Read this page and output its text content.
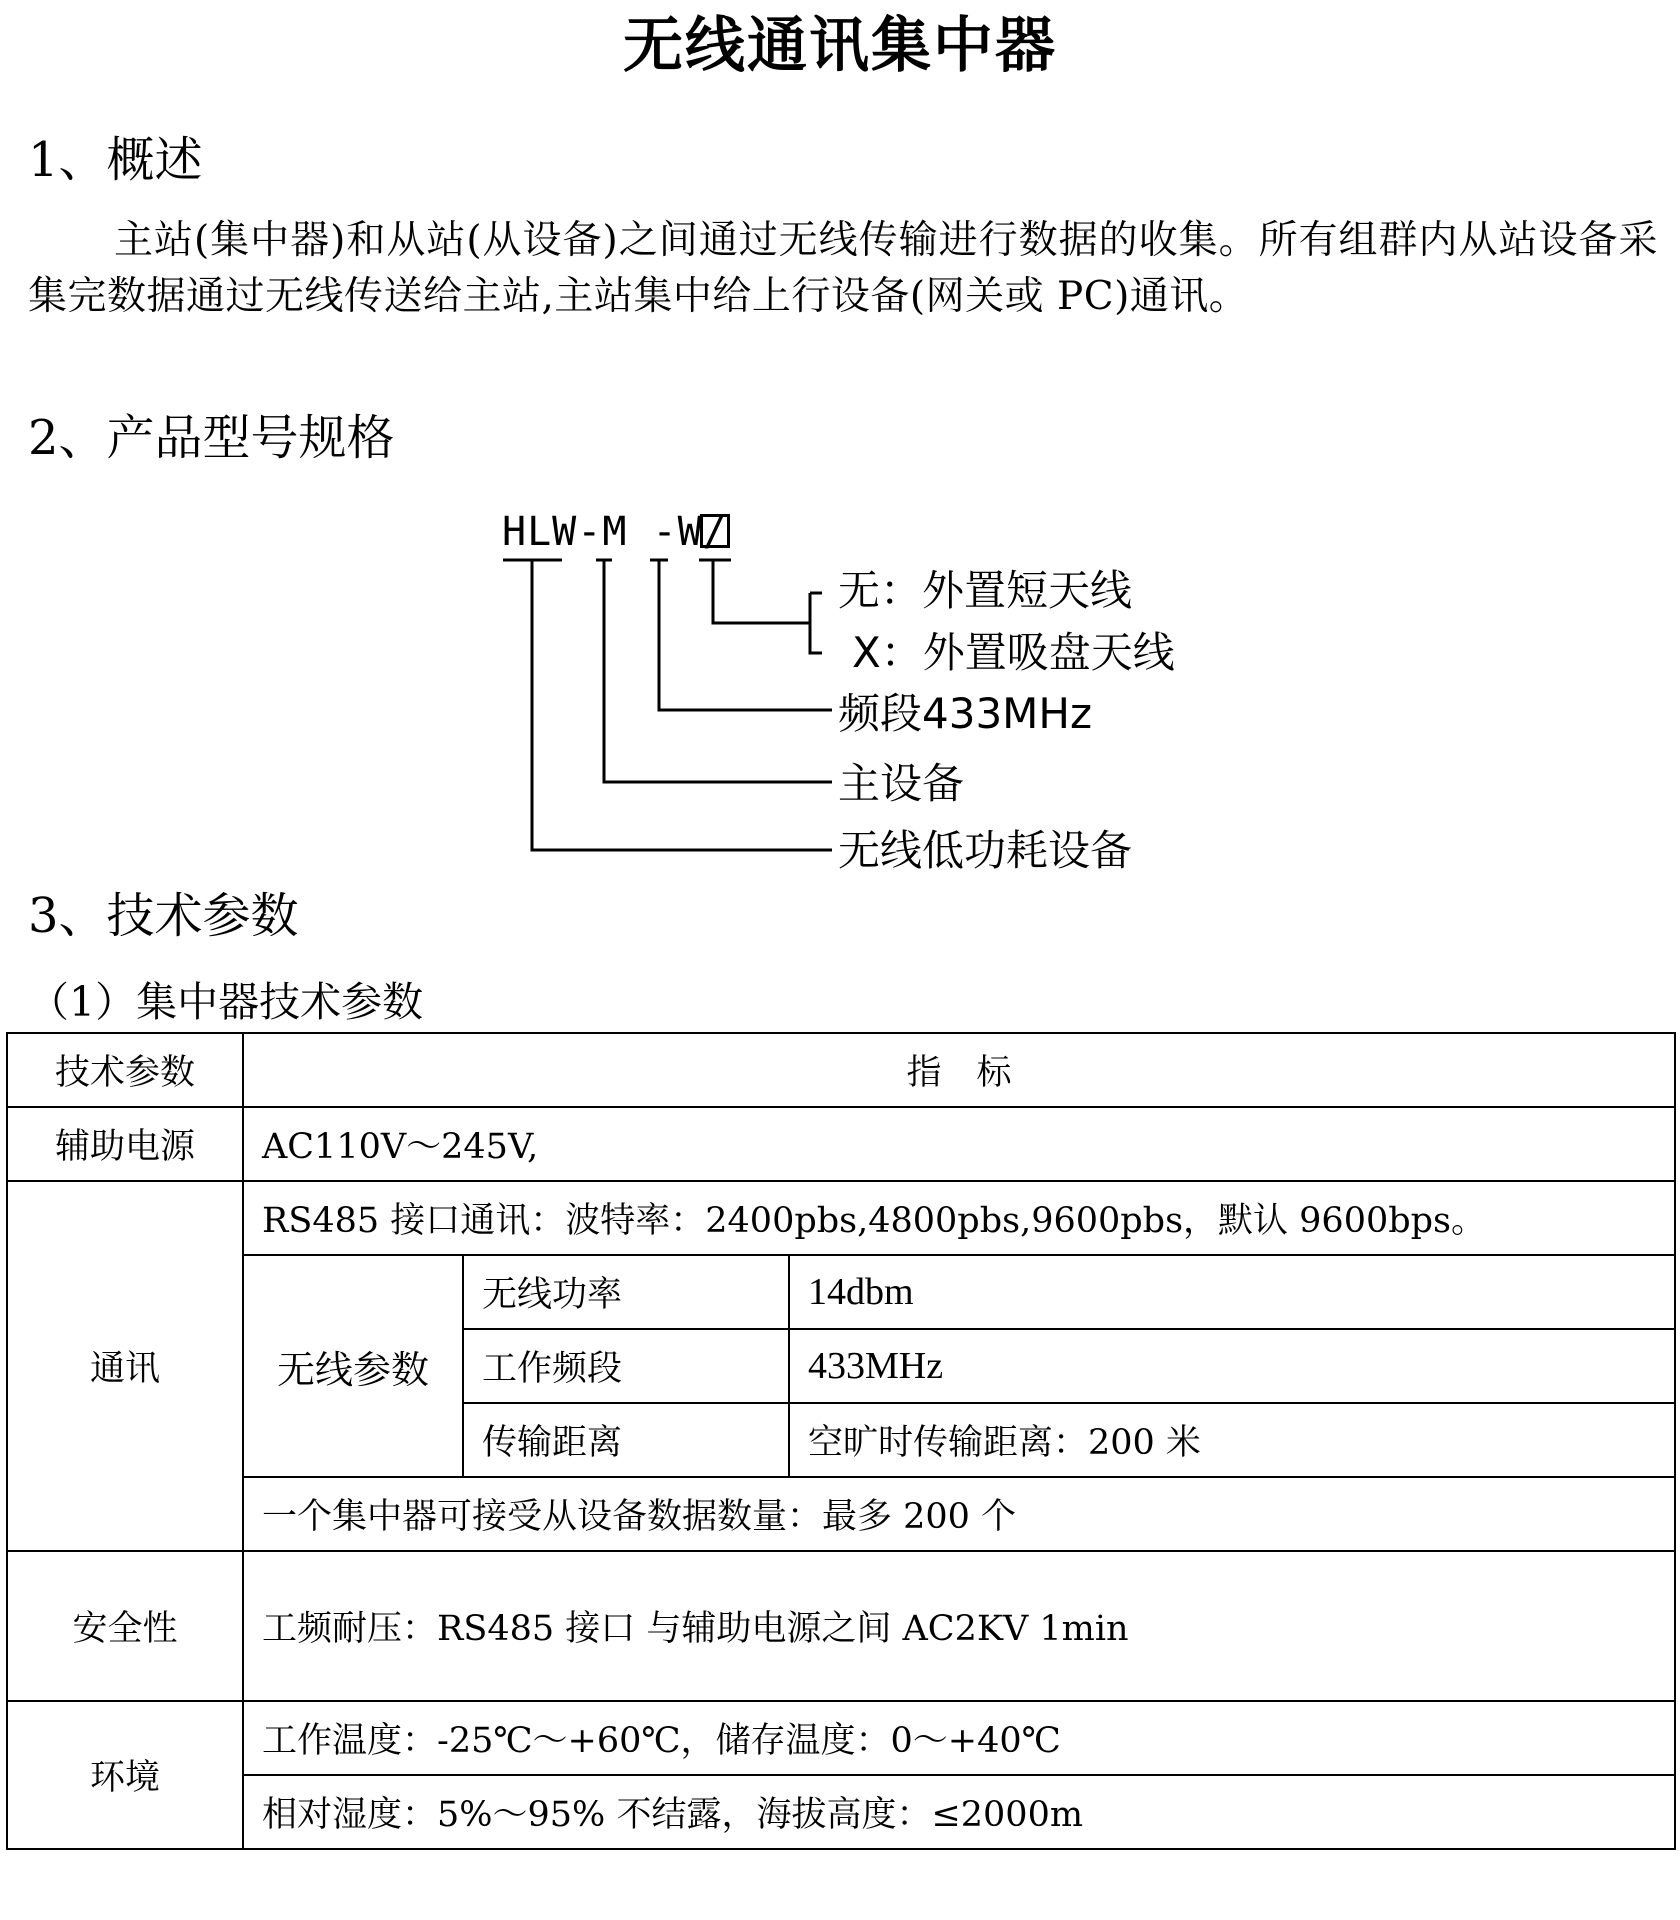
无线通讯集中器
1、概述
主站(集中器)和从站(从设备)之间通过无线传输进行数据的收集。所有组群内从站设备采集完数据通过无线传送给主站,主站集中给上行设备(网关或 PC)通讯。
2、产品型号规格
HLW-M -W/
无：外置短天线
X：外置吸盘天线
频段433MHz
主设备
无线低功耗设备
3、技术参数
（1）集中器技术参数
技术参数	指　标		
辅助电源	AC110V～245V,		
通讯	RS485 接口通讯：波特率：2400pbs,4800pbs,9600pbs，默认 9600bps。		
	无线参数	无线功率	14dbm
		工作频段	433MHz
		传输距离	空旷时传输距离：200 米
	一个集中器可接受从设备数据数量：最多 200 个		
安全性	工频耐压：RS485 接口 与辅助电源之间 AC2KV 1min		
环境	工作温度：-25℃～+60℃，储存温度：0～+40℃		
	相对湿度：5%～95% 不结露，海拔高度：≤2000m		
